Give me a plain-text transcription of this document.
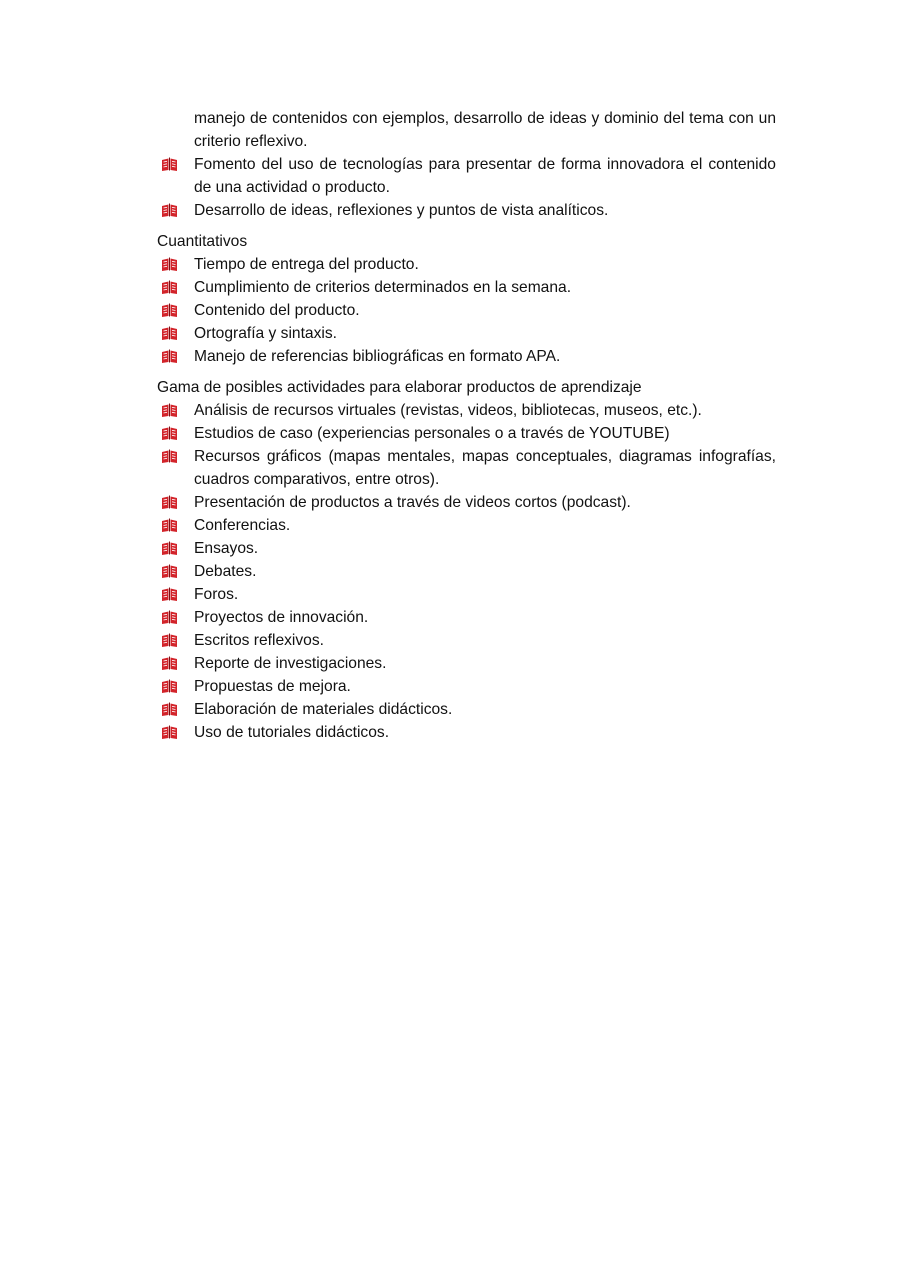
manejo de contenidos con ejemplos, desarrollo de ideas y dominio del tema con un criterio reflexivo.
Fomento del uso de tecnologías para presentar de forma innovadora el contenido de una actividad o producto.
Desarrollo de ideas, reflexiones y puntos de vista analíticos.
Cuantitativos
Tiempo de entrega del producto.
Cumplimiento de criterios determinados en la semana.
Contenido del producto.
Ortografía y sintaxis.
Manejo de referencias bibliográficas en formato APA.
Gama de posibles actividades para elaborar productos de aprendizaje
Análisis de recursos virtuales (revistas, videos, bibliotecas, museos, etc.).
Estudios de caso (experiencias personales o a través de YOUTUBE)
Recursos gráficos (mapas mentales, mapas conceptuales, diagramas infografías, cuadros comparativos, entre otros).
Presentación de productos a través de videos cortos (podcast).
Conferencias.
Ensayos.
Debates.
Foros.
Proyectos de innovación.
Escritos reflexivos.
Reporte de investigaciones.
Propuestas de mejora.
Elaboración de materiales didácticos.
Uso de tutoriales didácticos.
